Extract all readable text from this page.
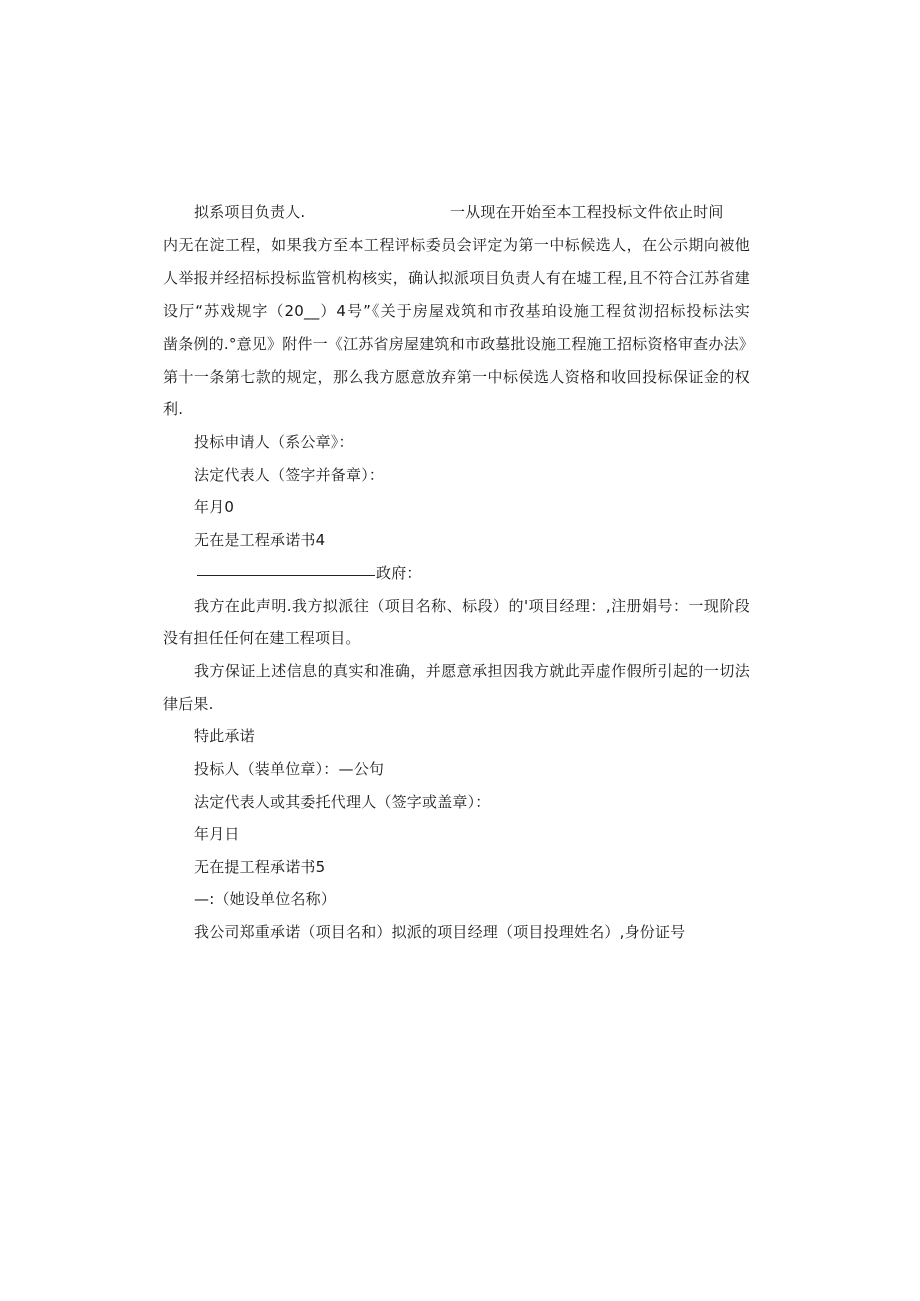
拟系项目负责人.	一从现在开始至本工程投标文件依止时间

内无在淀工程，如果我方至本工程评标委员会评定为第一中标候选人，在公示期向被他

人举报并经招标投标监管机构核实，确认拟派项目负责人有在墟工程,且不符合江苏省建

设厅“苏戏规字（20__）4号”《关于房屋戏筑和市孜基珀设施工程贫沏招标投标法实

凿条例的.°意见》附件一《江苏省房屋建筑和市政墓批设施工程施工招标资格审查办法》

第十一条第七款的规定，那么我方愿意放弃第一中标侯选人资格和收回投标保证金的权

利.

投标申请人（系公章》：

法定代表人（签字并备章）：

年月0

无在是工程承诺书4

政府：

我方在此声明.我方拟派往（项目名称、标段）的'项目经理：,注册娟号：一现阶段

没有担任任何在建工程项目。

我方保证上述信息的真实和准确，并愿意承担因我方就此弄虚作假所引起的一切法

律后果.

特此承诺

投标人（装单位章）：—公句

法定代表人或其委托代理人（签字或盖章）：

年月日

无在提工程承诺书5

—:（她设单位名称）

我公司郑重承诺（项目名和）拟派的项目经理（项目投理姓名）,身份证号
